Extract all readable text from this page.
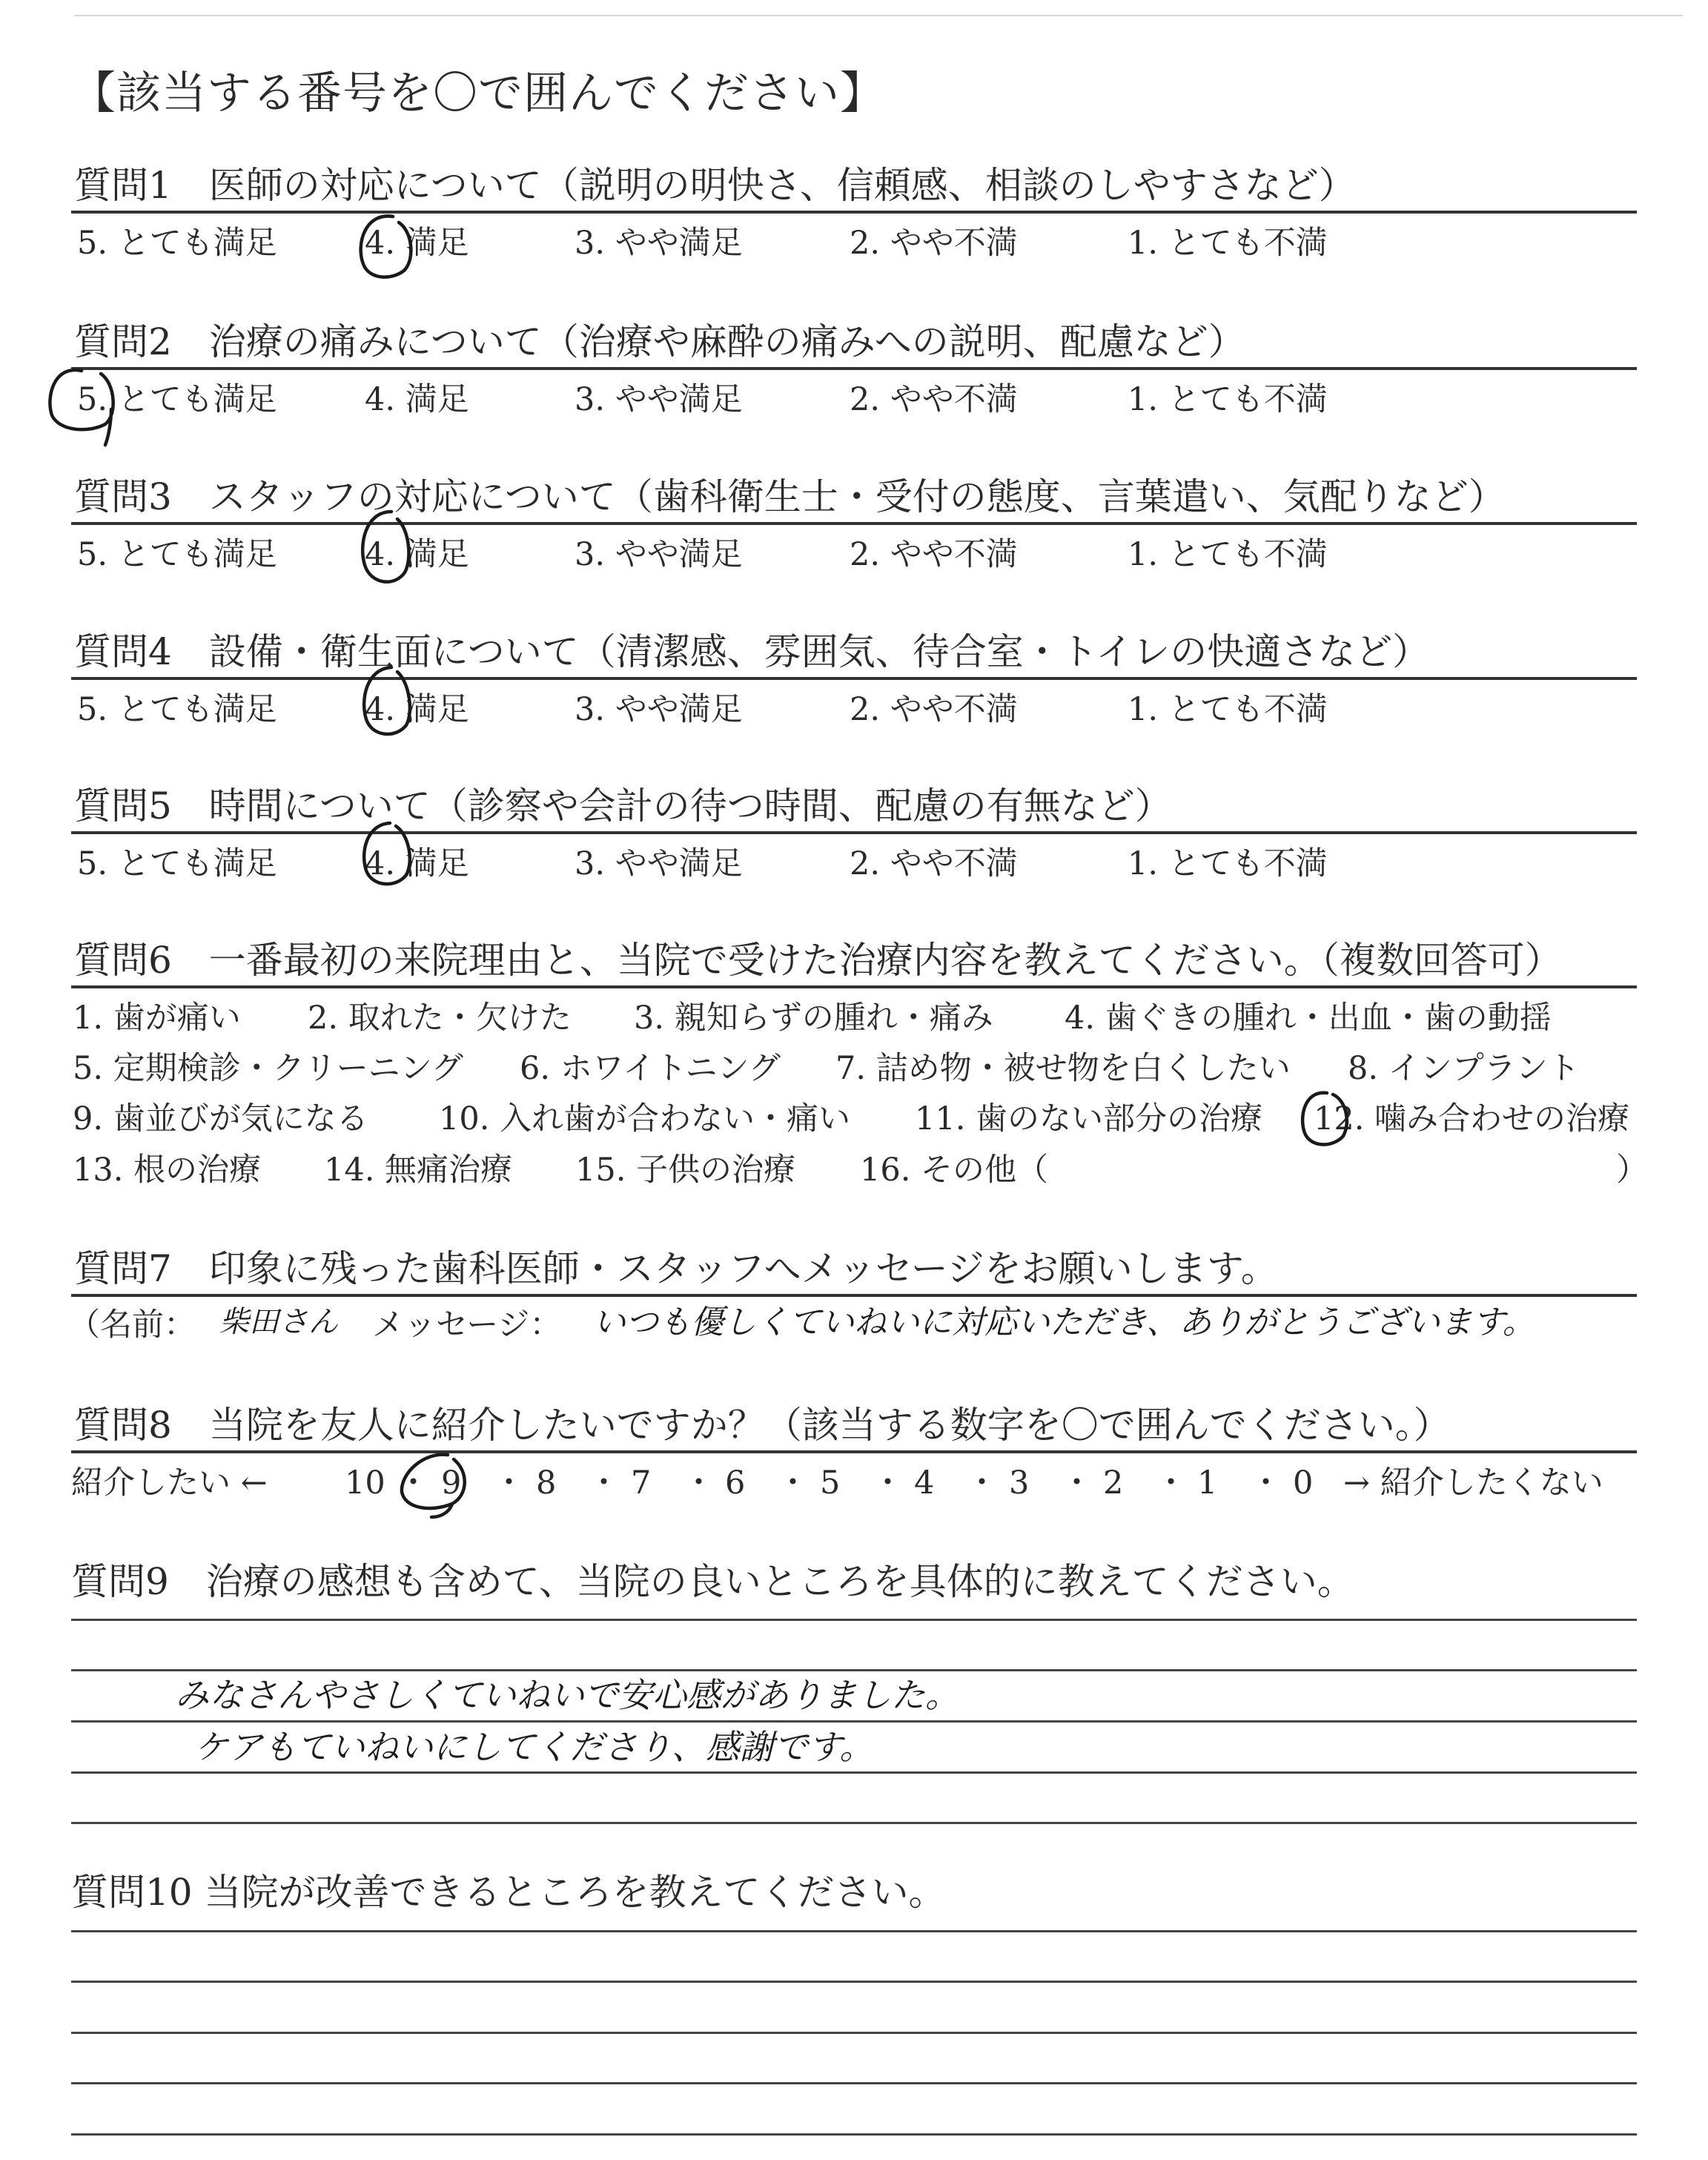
【該当する番号を〇で囲んでください】
質問1　医師の対応について（説明の明快さ、信頼感、相談のしやすさなど）
5. とても満足	4. 満足	3. やや満足	2. やや不満	1. とても不満
質問2　治療の痛みについて（治療や麻酔の痛みへの説明、配慮など）
5. とても満足	4. 満足	3. やや満足	2. やや不満	1. とても不満
質問3　スタッフの対応について（歯科衛生士・受付の態度、言葉遣い、気配りなど）
5. とても満足	4. 満足	3. やや満足	2. やや不満	1. とても不満
質問4　設備・衛生面について（清潔感、雰囲気、待合室・トイレの快適さなど）
5. とても満足	4. 満足	3. やや満足	2. やや不満	1. とても不満
質問5　時間について（診察や会計の待つ時間、配慮の有無など）
5. とても満足	4. 満足	3. やや満足	2. やや不満	1. とても不満
質問6　一番最初の来院理由と、当院で受けた治療内容を教えてください。（複数回答可）
1. 歯が痛い 2. 取れた・欠けた 3. 親知らずの腫れ・痛み 4. 歯ぐきの腫れ・出血・歯の動揺
5. 定期検診・クリーニング 6. ホワイトニング 7. 詰め物・被せ物を白くしたい 8. インプラント
9. 歯並びが気になる 10. 入れ歯が合わない・痛い 11. 歯のない部分の治療 12. 噛み合わせの治療
13. 根の治療 14. 無痛治療 15. 子供の治療 16. その他（	）
質問7　印象に残った歯科医師・スタッフへメッセージをお願いします。
（名前： 柴田さん メッセージ： いつも優しくていねいに対応いただき、ありがとうございます。
質問8　当院を友人に紹介したいですか？（該当する数字を〇で囲んでください。）
紹介したい ← 10 ・ 9 ・ 8 ・ 7 ・ 6 ・ 5 ・ 4 ・ 3 ・ 2 ・ 1 ・ 0 → 紹介したくない
質問9　治療の感想も含めて、当院の良いところを具体的に教えてください。
みなさんやさしくていねいで安心感がありました。
ケアもていねいにしてくださり、感謝です。
質問10 当院が改善できるところを教えてください。
